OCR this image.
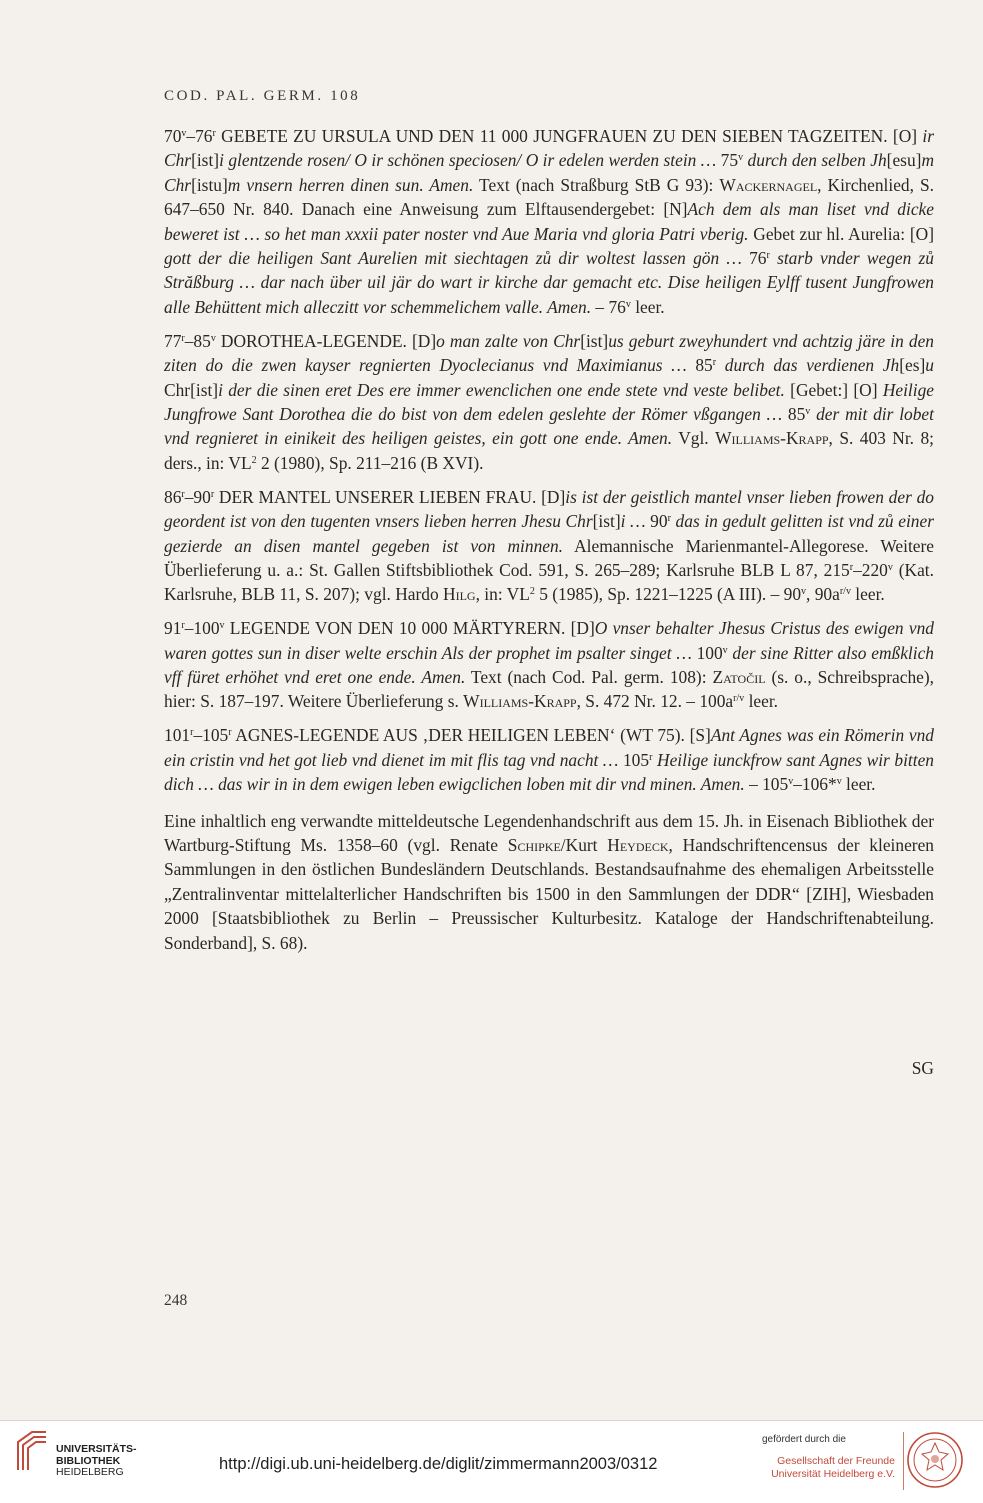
COD. PAL. GERM. 108

70$^v$–76$^r$ GEBETE ZU URSULA UND DEN 11 000 JUNGFRAUEN ZU DEN SIEBEN TAGZEITEN. [O] ir Chr[ist]i glentzende rosen/ O ir schönen speciosen/ O ir edelen werden stein … 75$^v$ durch den selben Jh[esu]m Chr[istu]m vnsern herren dinen sun. Amen. Text (nach Straßburg StB G 93): Wackernagel, Kirchenlied, S. 647–650 Nr. 840. Danach eine Anweisung zum Elftausendergebet: [N]Ach dem als man liset vnd dicke beweret ist … so het man xxxii pater noster vnd Aue Maria vnd gloria Patri vberig. Gebet zur hl. Aurelia: [O] gott der die heiligen Sant Aurelien mit siechtagen zů dir woltest lassen gön … 76$^r$ starb vnder wegen zů Străßburg … dar nach über uil jär do wart ir kirche dar gemacht etc. Dise heiligen Eylff tusent Jungfrowen alle Behüttent mich alleczitt vor schemmelichem valle. Amen. – 76$^v$ leer.

77$^r$–85$^v$ DOROTHEA-LEGENDE. [D]o man zalte von Chr[ist]us geburt zweyhundert vnd achtzig järe in den ziten do die zwen kayser regnierten Dyoclecianus vnd Maximianus … 85$^r$ durch das verdienen Jh[es]u Chr[ist]i der die sinen eret Des ere immer ewenclichen one ende stete vnd veste belibet. [Gebet:] [O] Heilige Jungfrowe Sant Dorothea die do bist von dem edelen geslehte der Römer vßgangen … 85$^v$ der mit dir lobet vnd regnieret in einikeit des heiligen geistes, ein gott one ende. Amen. Vgl. Williams-Krapp, S. 403 Nr. 8; ders., in: $VL^2$ 2 (1980), Sp. 211–216 (B XVI).

86$^r$–90$^r$ DER MANTEL UNSERER LIEBEN FRAU. [D]is ist der geistlich mantel vnser lieben frowen der do geordent ist von den tugenten vnsers lieben herren Jhesu Chr[ist]i … 90$^r$ das in gedult gelitten ist vnd zů einer gezierde an disen mantel gegeben ist von minnen. Alemannische Marienmantel-Allegorese. Weitere Überlieferung u. a.: St. Gallen Stiftsbibliothek Cod. 591, S. 265–289; Karlsruhe BLB L 87, 215$^r$–220$^v$ (Kat. Karlsruhe, BLB 11, S. 207); vgl. Hardo Hilg, in: $VL^2$ 5 (1985), Sp. 1221–1225 (A III). – 90$^v$, $90a^{r/v}$ leer.

91$^r$–100$^v$ LEGENDE VON DEN 10 000 MÄRTYRERN. [D]O vnser behalter Jhesus Cristus des ewigen vnd waren gottes sun in diser welte erschin Als der prophet im psalter singet … 100$^v$ der sine Ritter also emßklich vff füret erhöhet vnd eret one ende. Amen. Text (nach Cod. Pal. germ. 108): Zatočil (s. o., Schreibsprache), hier: S. 187–197. Weitere Überlieferung s. Williams-Krapp, S. 472 Nr. 12. – $100a^{r/v}$ leer.

101$^r$–105$^r$ AGNES-LEGENDE AUS ‚DER HEILIGEN LEBEN‘ (WT 75). [S]Ant Agnes was ein Römerin vnd ein cristin vnd het got lieb vnd dienet im mit flis tag vnd nacht … 105$^r$ Heilige iunckfrow sant Agnes wir bitten dich … das wir in in dem ewigen leben ewigclichen loben mit dir vnd minen. Amen. – 105$^v$–106*$^v$ leer.

Eine inhaltlich eng verwandte mitteldeutsche Legendenhandschrift aus dem 15. Jh. in Eisenach Bibliothek der Wartburg-Stiftung Ms. 1358–60 (vgl. Renate Schipke/Kurt Heydeck, Handschriftencensus der kleineren Sammlungen in den östlichen Bundesländern Deutschlands. Bestandsaufnahme des ehemaligen Arbeitsstelle „Zentralinventar mittelalterlicher Handschriften bis 1500 in den Sammlungen der DDR“ [ZIH], Wiesbaden 2000 [Staatsbibliothek zu Berlin – Preussischer Kulturbesitz. Kataloge der Handschriftenabteilung. Sonderband], S. 68).

SG
248
UNIVERSITÄTS-
BIBLIOTHEK
HEIDELBERG	http://digi.ub.uni-heidelberg.de/diglit/zimmermann2003/0312
gefördert durch die
Gesellschaft der Freunde
Universität Heidelberg e.V.
